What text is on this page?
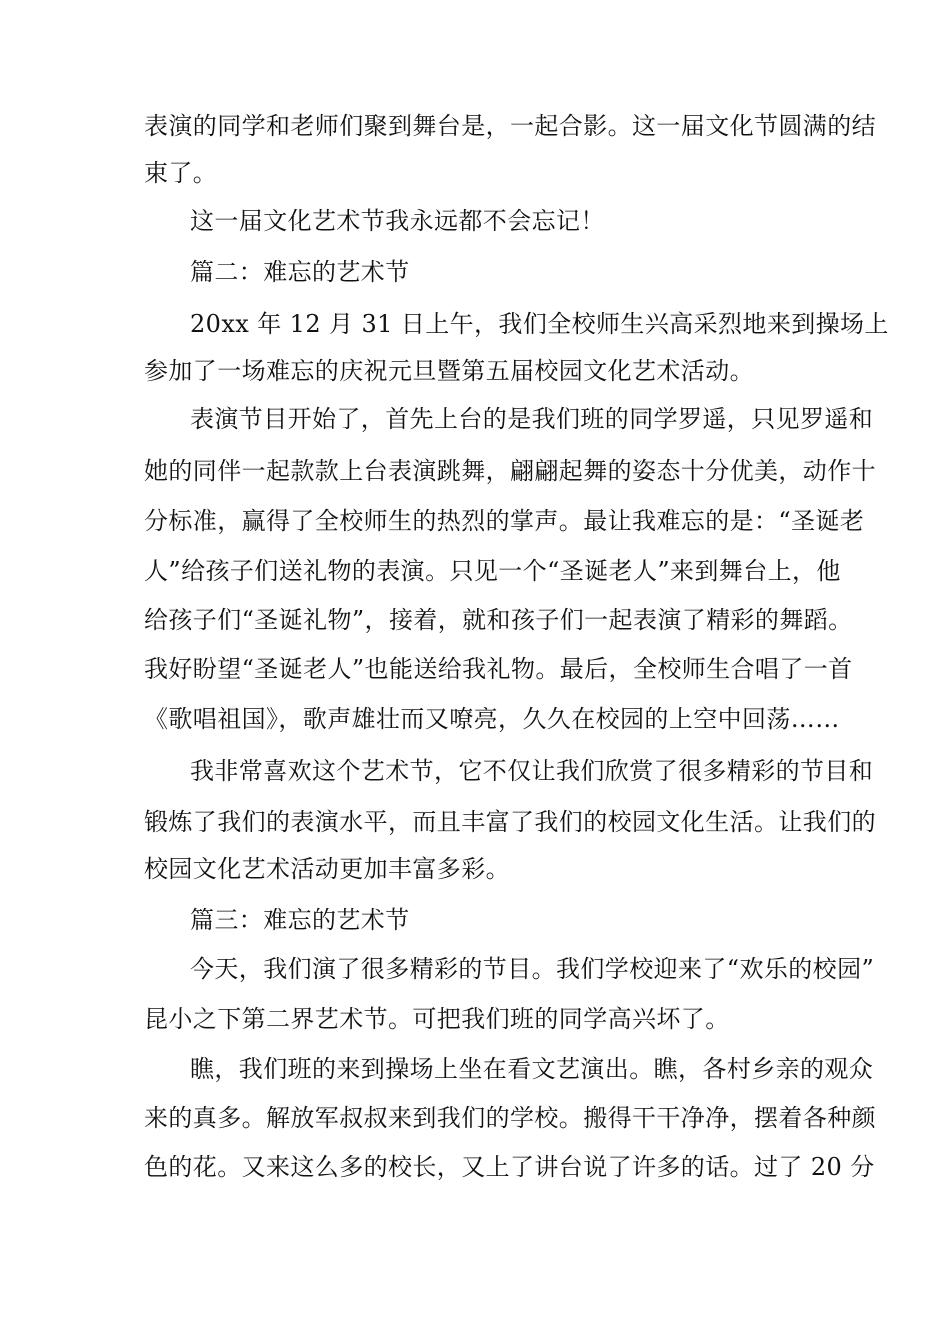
表演的同学和老师们聚到舞台是，一起合影。这一届文化节圆满的结
束了。
这一届文化艺术节我永远都不会忘记！
篇二：难忘的艺术节
20xx 年 12 月 31 日上午，我们全校师生兴高采烈地来到操场上
参加了一场难忘的庆祝元旦暨第五届校园文化艺术活动。
表演节目开始了，首先上台的是我们班的同学罗遥，只见罗遥和
她的同伴一起款款上台表演跳舞，翩翩起舞的姿态十分优美，动作十
分标准，赢得了全校师生的热烈的掌声。最让我难忘的是：“圣诞老
人”给孩子们送礼物的表演。只见一个“圣诞老人”来到舞台上，他
给孩子们“圣诞礼物”，接着，就和孩子们一起表演了精彩的舞蹈。
我好盼望“圣诞老人”也能送给我礼物。最后，全校师生合唱了一首
《歌唱祖国》，歌声雄壮而又嘹亮，久久在校园的上空中回荡……
我非常喜欢这个艺术节，它不仅让我们欣赏了很多精彩的节目和
锻炼了我们的表演水平，而且丰富了我们的校园文化生活。让我们的
校园文化艺术活动更加丰富多彩。
篇三：难忘的艺术节
今天，我们演了很多精彩的节目。我们学校迎来了“欢乐的校园”
昆小之下第二界艺术节。可把我们班的同学高兴坏了。
瞧，我们班的来到操场上坐在看文艺演出。瞧，各村乡亲的观众
来的真多。解放军叔叔来到我们的学校。搬得干干净净，摆着各种颜
色的花。又来这么多的校长，又上了讲台说了许多的话。过了 20 分
